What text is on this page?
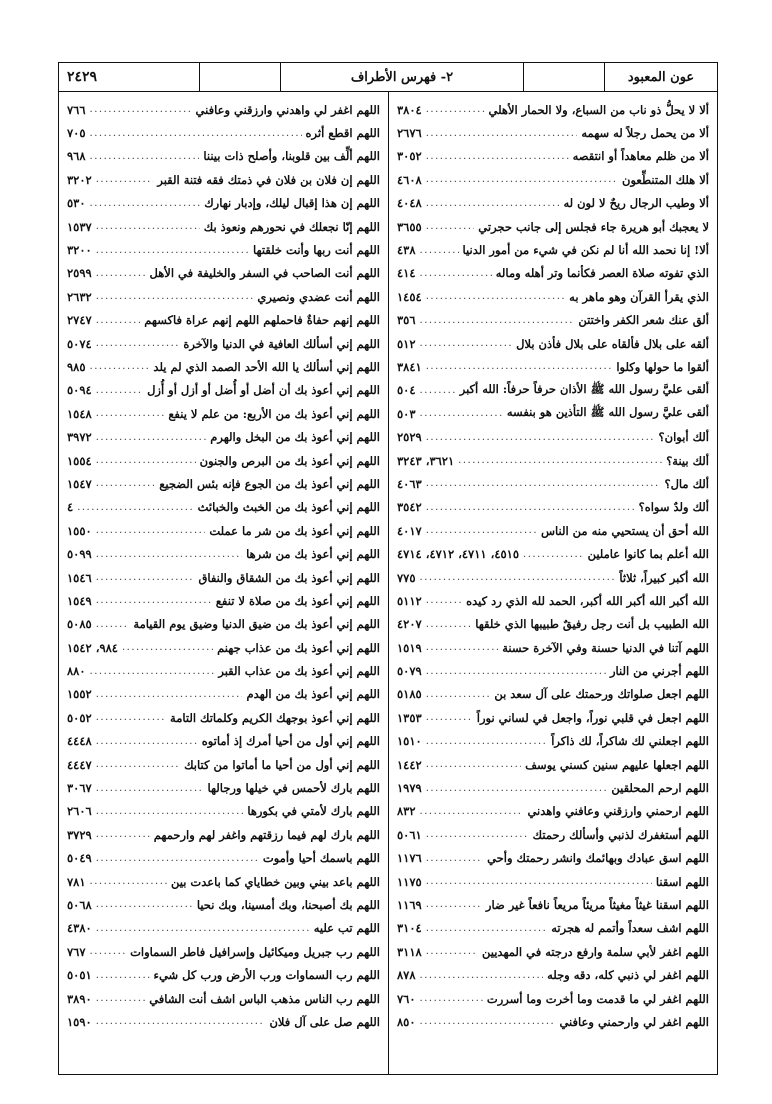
عون المعبود
٢- فهرس الأطراف
٢٤٢٩
اللهم اغفر لي واهدني وارزقني وعافني
.....
٧٦٦
اللهم اقطع أثره
.....
٧٠٥
اللهم ألِّف بين قلوبنا، وأصلح ذات بيننا
.....
٩٦٨
اللهم إن فلان بن فلان في ذمتك فقه فتنة القبر
.....
٣٢٠٢
اللهم إن هذا إقبال ليلك، وإدبار نهارك
.....
٥٣٠
اللهم إنّا نجعلك في نحورهم ونعوذ بك
.....
١٥٣٧
اللهم أنت ربها وأنت خلقتها
.....
٣٢٠٠
اللهم أنت الصاحب في السفر والخليفة في الأهل
.....
٢٥٩٩
اللهم أنت عضدي ونصيري
.....
٢٦٣٢
اللهم إنهم حفاةٌ فاحملهم اللهم إنهم عراة فاكسهم
.....
٢٧٤٧
اللهم إني أسألك العافية في الدنيا والآخرة
.....
٥٠٧٤
اللهم إني أسألك يا الله الأحد الصمد الذي لم يلد
.....
٩٨٥
اللهم إني أعوذ بك أن أضل أو أُضل أو أزل أو أُزل
.....
٥٠٩٤
اللهم إني أعوذ بك من الأربع: من علم لا ينفع
.....
١٥٤٨
اللهم إني أعوذ بك من البخل والهرم
.....
٣٩٧٢
اللهم إني أعوذ بك من البرص والجنون
.....
١٥٥٤
اللهم إني أعوذ بك من الجوع فإنه بئس الضجيع
.....
١٥٤٧
اللهم إني أعوذ بك من الخبث والخبائث
.....
٤
اللهم إني أعوذ بك من شر ما عملت
.....
١٥٥٠
اللهم إني أعوذ بك من شرها
.....
٥٠٩٩
اللهم إني أعوذ بك من الشقاق والنفاق
.....
١٥٤٦
اللهم إني أعوذ بك من صلاة لا تنفع
.....
١٥٤٩
اللهم إني أعوذ بك من ضيق الدنيا وضيق يوم القيامة
.....
٥٠٨٥
اللهم إني أعوذ بك من عذاب جهنم
.....
٩٨٤، ١٥٤٢
اللهم إني أعوذ بك من عذاب القبر
.....
٨٨٠
اللهم إني أعوذ بك من الهدم
.....
١٥٥٢
اللهم إني أعوذ بوجهك الكريم وكلماتك التامة
.....
٥٠٥٢
اللهم إني أول من أحيا أمرك إذ أماتوه
.....
٤٤٤٨
اللهم إني أول من أحيا ما أماتوا من كتابك
.....
٤٤٤٧
اللهم بارك لأحمس في خيلها ورجالها
.....
٣٠٦٧
اللهم بارك لأمتي في بكورها
.....
٢٦٠٦
اللهم بارك لهم فيما رزقتهم واغفر لهم وارحمهم
.....
٣٧٢٩
اللهم باسمك أحيا وأموت
.....
٥٠٤٩
اللهم باعد بيني وبين خطاياي كما باعدت بين
.....
٧٨١
اللهم بك أصبحنا، وبك أمسينا، وبك نحيا
.....
٥٠٦٨
اللهم تب عليه
.....
٤٣٨٠
اللهم رب جبريل وميكائيل وإسرافيل فاطر السماوات
.....
٧٦٧
اللهم رب السماوات ورب الأرض ورب كل شيء
.....
٥٠٥١
اللهم رب الناس مذهب الباس اشف أنت الشافي
.....
٣٨٩٠
اللهم صل على آل فلان
.....
١٥٩٠
ألا لا يحلُّ ذو ناب من السباع، ولا الحمار الأهلي
.....
٣٨٠٤
ألا من يحمل رجلاً له سهمه
.....
٢٦٧٦
ألا من ظلم معاهداً أو انتقصه
.....
٣٠٥٢
ألا هلك المتنطِّعون
.....
٤٦٠٨
ألا وطيب الرجال ريحٌ لا لون له
.....
٤٠٤٨
لا يعجبك أبو هريرة جاء فجلس إلى جانب حجرتي
.....
٣٦٥٥
ألا! إنا نحمد الله أنا لم نكن في شيء من أمور الدنيا
.....
٤٣٨
الذي تفوته صلاة العصر فكأنما وتر أهله وماله
.....
٤١٤
الذي يقرأ القرآن وهو ماهر به
.....
١٤٥٤
ألق عنك شعر الكفر واختتن
.....
٣٥٦
ألقه على بلال فألقاه على بلال فأذن بلال
.....
٥١٢
ألقوا ما حولها وكلوا
.....
٣٨٤١
ألقى عليَّ رسول الله ﷺ الأذان حرفاً حرفاً: الله أكبر
.....
٥٠٤
ألقى عليَّ رسول الله ﷺ التأذين هو بنفسه
.....
٥٠٣
ألك أبوان؟
.....
٢٥٢٩
ألك بينة؟
.....
٣٦٢١، ٣٢٤٣
ألك مال؟
.....
٤٠٦٣
ألك ولدٌ سواه؟
.....
٣٥٤٢
الله أحق أن يستحيي منه من الناس
.....
٤٠١٧
الله أعلم بما كانوا عاملين
.....
٤٥١٥، ٤٧١١، ٤٧١٢، ٤٧١٤
الله أكبر كبيراً، ثلاثاً
.....
٧٧٥
الله أكبر الله أكبر الله أكبر، الحمد لله الذي رد كيده
.....
٥١١٢
الله الطبيب بل أنت رجل رفيقٌ طبيبها الذي خلقها
.....
٤٢٠٧
اللهم آتنا في الدنيا حسنة وفي الآخرة حسنة
.....
١٥١٩
اللهم أجرني من النار
.....
٥٠٧٩
اللهم اجعل صلواتك ورحمتك على آل سعد بن
.....
٥١٨٥
اللهم اجعل في قلبي نوراً، واجعل في لساني نوراً
.....
١٣٥٣
اللهم اجعلني لك شاكراً، لك ذاكراً
.....
١٥١٠
اللهم اجعلها عليهم سنين كسني يوسف
.....
١٤٤٢
اللهم ارحم المحلقين
.....
١٩٧٩
اللهم ارحمني وارزقني وعافني واهدني
.....
٨٣٢
اللهم أستغفرك لذنبي وأسألك رحمتك
.....
٥٠٦١
اللهم اسق عبادك وبهائمك وانشر رحمتك وأحي
.....
١١٧٦
اللهم اسقنا
.....
١١٧٥
اللهم اسقنا غيثاً مغيثاً مريئاً مريعاً نافعاً غير ضار
.....
١١٦٩
اللهم اشف سعداً وأتمم له هجرته
.....
٣١٠٤
اللهم اغفر لأبي سلمة وارفع درجته في المهديين
.....
٣١١٨
اللهم اغفر لي ذنبي كله، دقه وجله
.....
٨٧٨
اللهم اغفر لي ما قدمت وما أخرت وما أسررت
.....
٧٦٠
اللهم اغفر لي وارحمني وعافني
.....
٨٥٠
